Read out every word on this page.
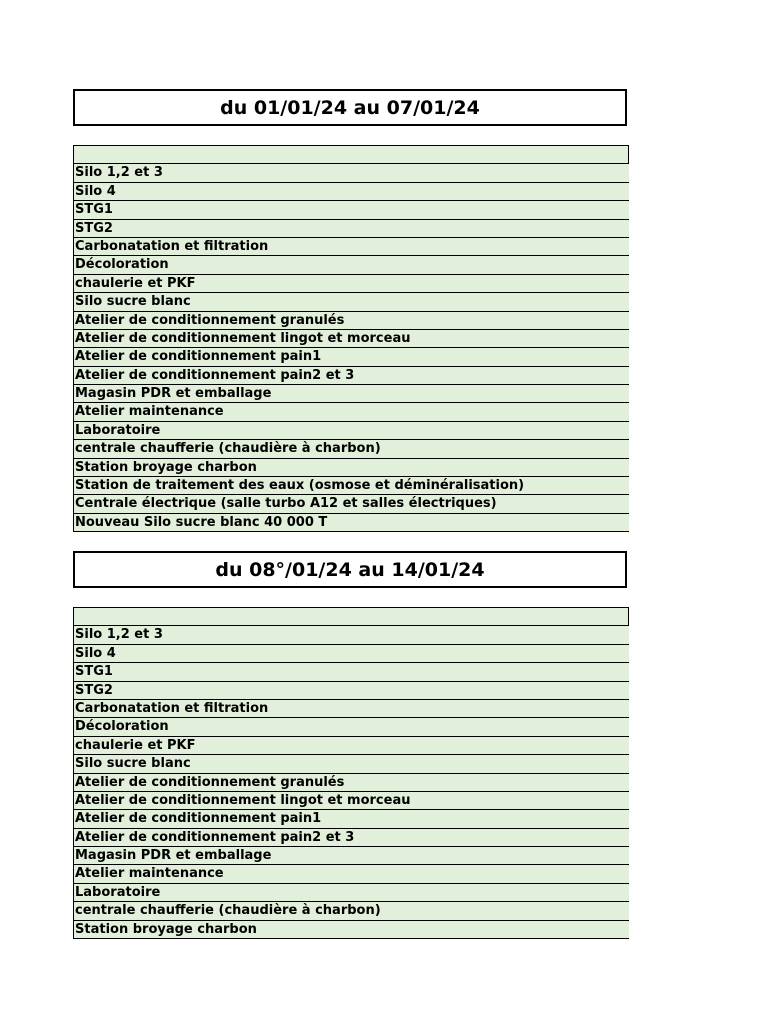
du 01/01/24 au 07/01/24
Silo 1,2 et 3
Silo 4
STG1
STG2
Carbonatation et filtration
Décoloration
chaulerie et PKF
Silo sucre blanc
Atelier de conditionnement granulés
Atelier de conditionnement lingot et morceau
Atelier de conditionnement pain1
Atelier de conditionnement pain2 et 3
Magasin PDR et emballage
Atelier maintenance
Laboratoire
centrale chaufferie (chaudière à charbon)
Station broyage charbon
Station de traitement des eaux (osmose et déminéralisation)
Centrale électrique (salle turbo A12 et salles électriques)
Nouveau Silo sucre blanc 40 000 T
du 08°/01/24 au 14/01/24
Silo 1,2 et 3
Silo 4
STG1
STG2
Carbonatation et filtration
Décoloration
chaulerie et PKF
Silo sucre blanc
Atelier de conditionnement granulés
Atelier de conditionnement lingot et morceau
Atelier de conditionnement pain1
Atelier de conditionnement pain2 et 3
Magasin PDR et emballage
Atelier maintenance
Laboratoire
centrale chaufferie (chaudière à charbon)
Station broyage charbon
